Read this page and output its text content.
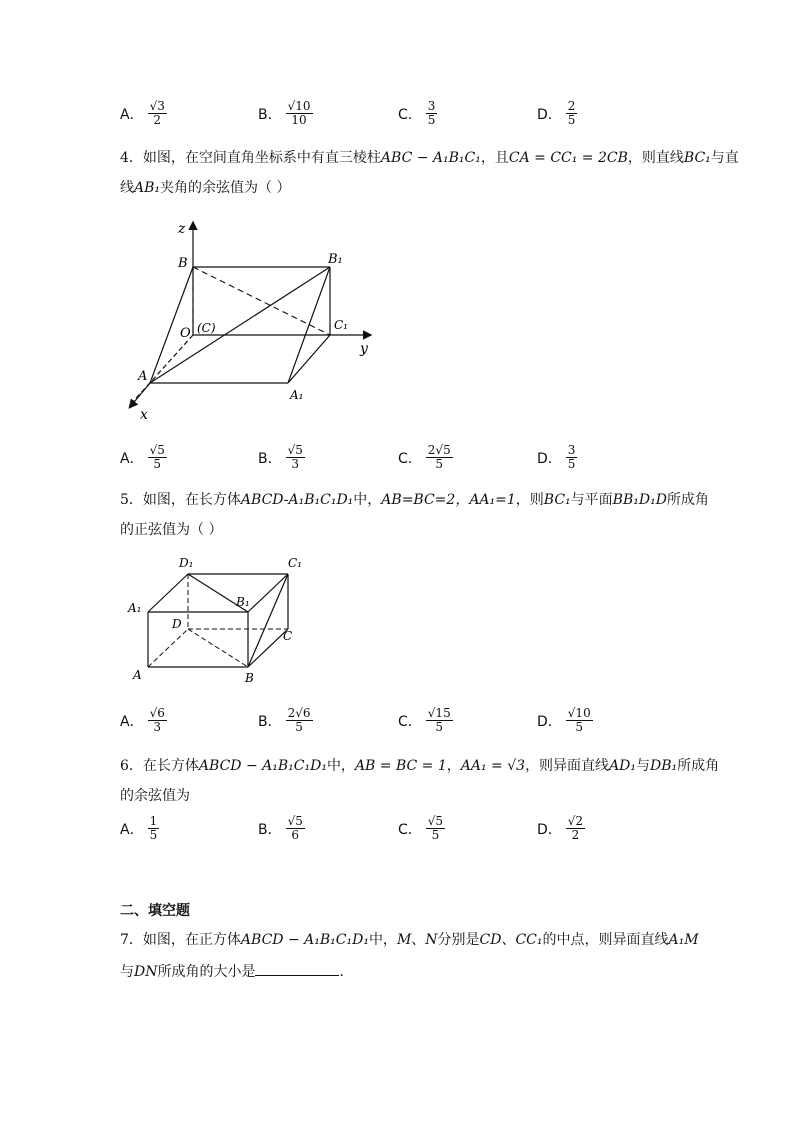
A． $\frac{√3}{2}$	B． $\frac{√10}{10}$	C． $\frac{3}{5}$	D． $\frac{2}{5}$
4．如图，在空间直角坐标系中有直三棱柱ABC − A₁B₁C₁，且CA = CC₁ = 2CB，则直线BC₁与直
线AB₁夹角的余弦值为（ ）
z
y
x
B	B₁
O (C)	C₁
A
A₁
A． $\frac{√5}{5}$	B． $\frac{√5}{3}$	C． $\frac{2√5}{5}$	D． $\frac{3}{5}$
5．如图，在长方体ABCD-A₁B₁C₁D₁中，AB=BC=2，AA₁=1，则BC₁与平面BB₁D₁D所成角
的正弦值为（ ）
D₁	C₁
A₁	B₁
D
C
A	B
A． $\frac{√6}{3}$	B． $\frac{2√6}{5}$	C． $\frac{√15}{5}$	D． $\frac{√10}{5}$
6．在长方体ABCD − A₁B₁C₁D₁中，AB = BC = 1，AA₁ = √3，则异面直线AD₁与DB₁所成角
的余弦值为
A． $\frac{1}{5}$	B． $\frac{√5}{6}$	C． $\frac{√5}{5}$	D． $\frac{√2}{2}$
二、填空题
7．如图，在正方体ABCD − A₁B₁C₁D₁中，M、N分别是CD、CC₁的中点，则异面直线A₁M
与DN所成角的大小是	．
